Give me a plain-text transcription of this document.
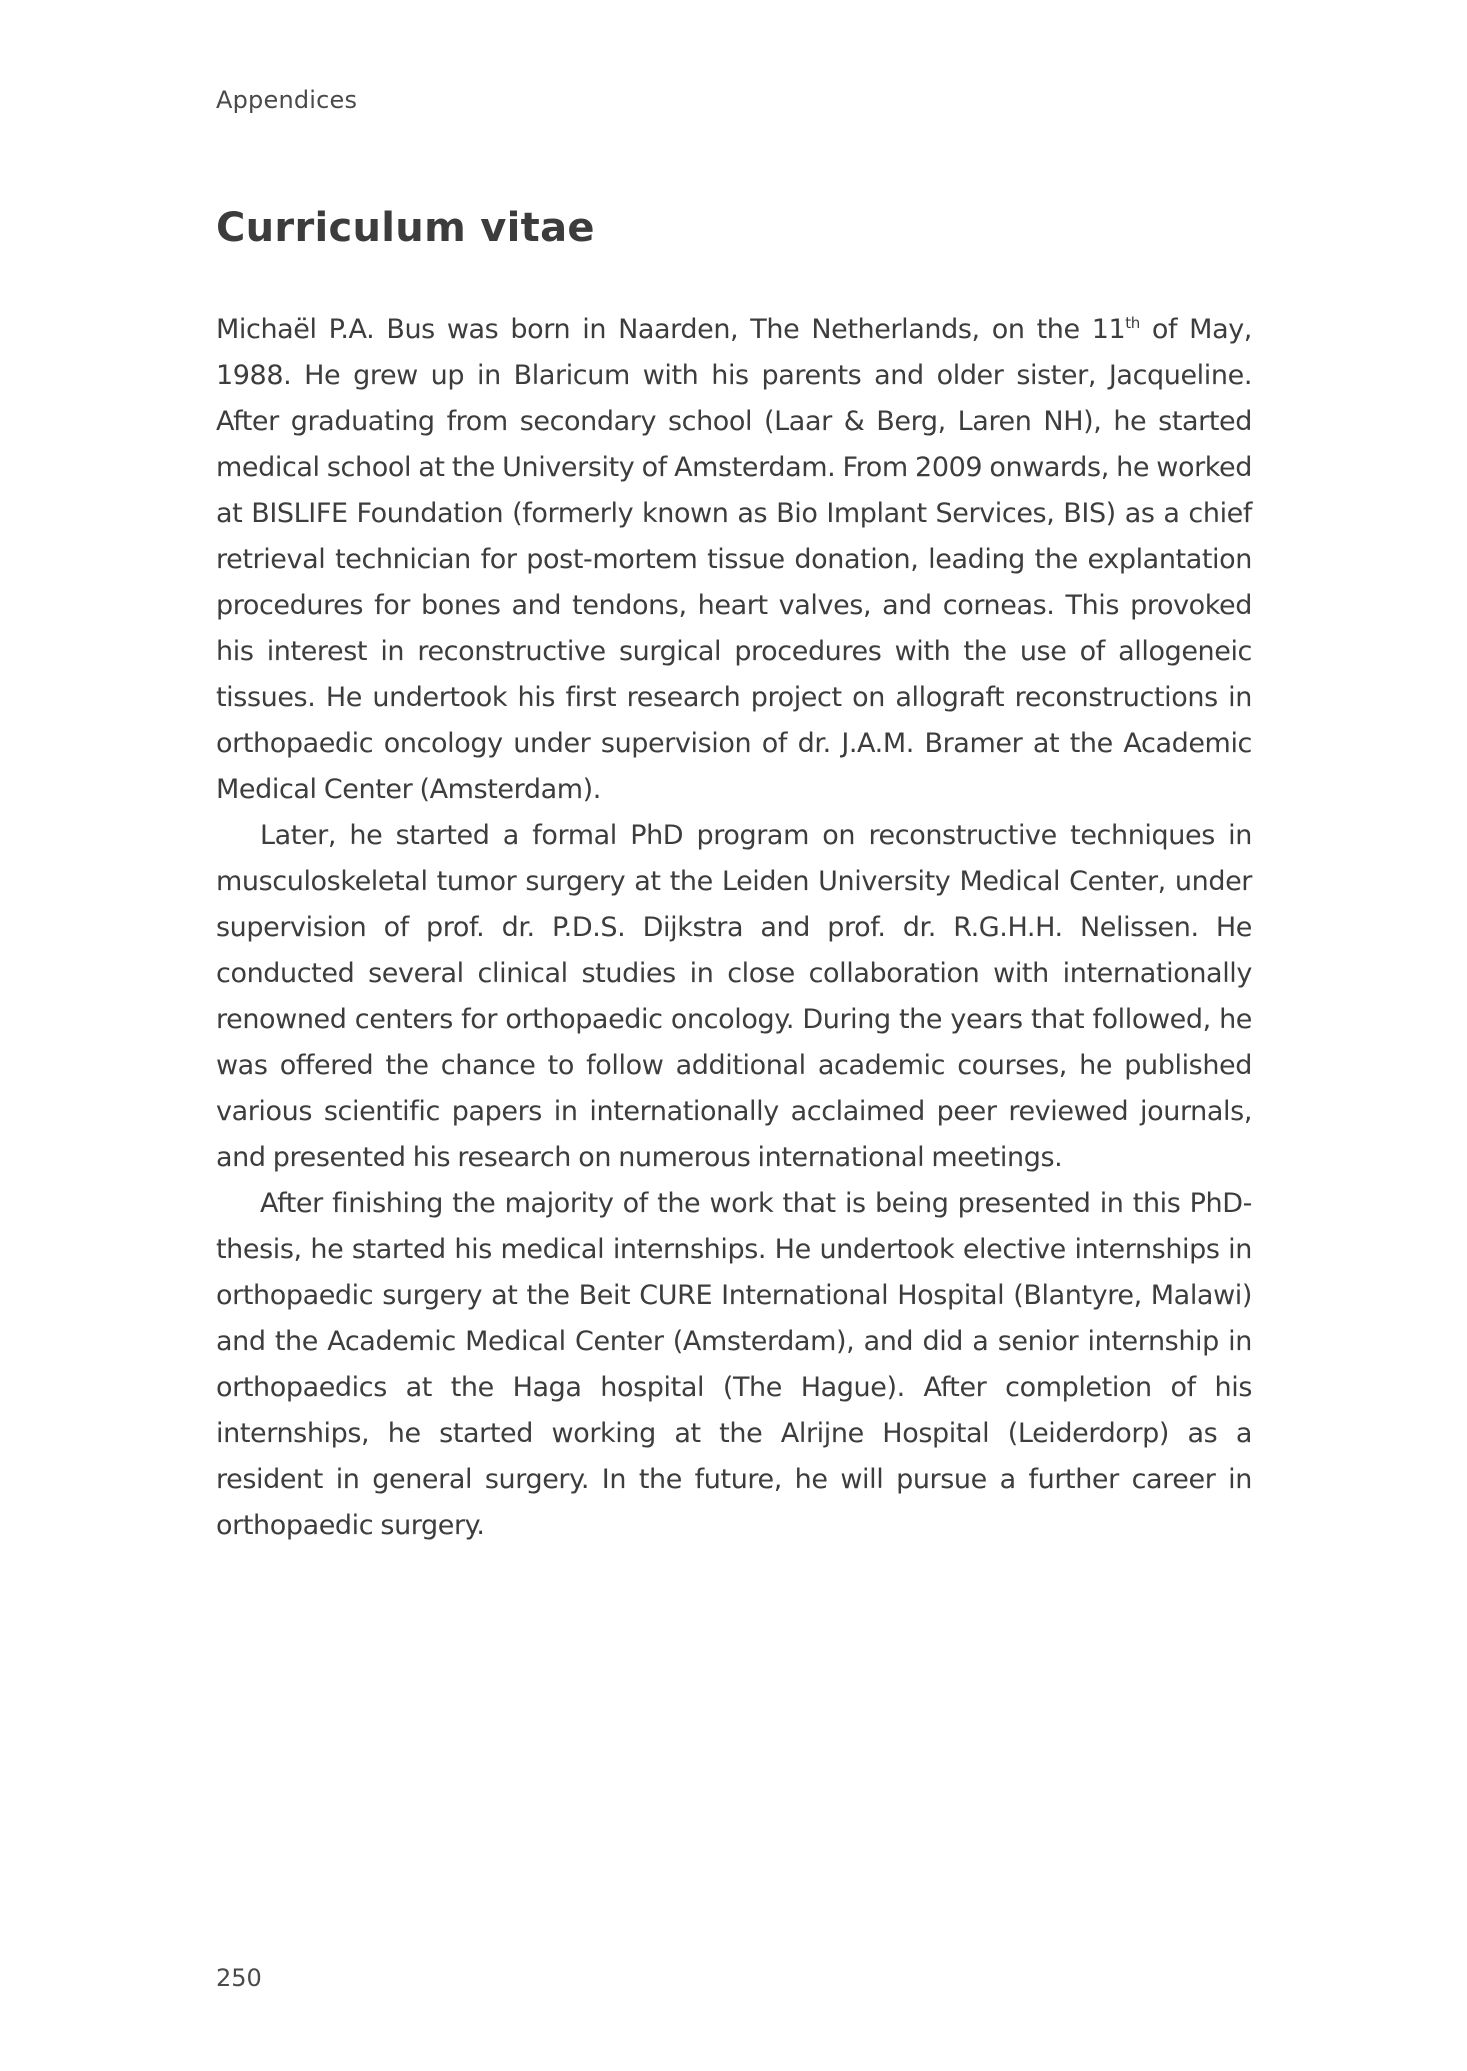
Appendices
Curriculum vitae

Michaël P.A. Bus was born in Naarden, The Netherlands, on the 11th of May, 1988. He grew up in Blaricum with his parents and older sister, Jacqueline. After graduating from secondary school (Laar & Berg, Laren NH), he started medical school at the University of Amsterdam. From 2009 onwards, he worked at BISLIFE Foundation (formerly known as Bio Implant Services, BIS) as a chief retrieval technician for post-mortem tissue donation, leading the explantation procedures for bones and tendons, heart valves, and corneas. This provoked his interest in reconstructive surgical procedures with the use of allogeneic tissues. He undertook his first research project on allograft reconstructions in orthopaedic oncology under supervision of dr. J.A.M. Bramer at the Academic Medical Center (Amsterdam).

Later, he started a formal PhD program on reconstructive techniques in musculoskeletal tumor surgery at the Leiden University Medical Center, under supervision of prof. dr. P.D.S. Dijkstra and prof. dr. R.G.H.H. Nelissen. He conducted several clinical studies in close collaboration with internationally renowned centers for orthopaedic oncology. During the years that followed, he was offered the chance to follow additional academic courses, he published various scientific papers in internationally acclaimed peer reviewed journals, and presented his research on numerous international meetings.

After finishing the majority of the work that is being presented in this PhD-thesis, he started his medical internships. He undertook elective internships in orthopaedic surgery at the Beit CURE International Hospital (Blantyre, Malawi) and the Academic Medical Center (Amsterdam), and did a senior internship in orthopaedics at the Haga hospital (The Hague). After completion of his internships, he started working at the Alrijne Hospital (Leiderdorp) as a resident in general surgery. In the future, he will pursue a further career in orthopaedic surgery.

250
